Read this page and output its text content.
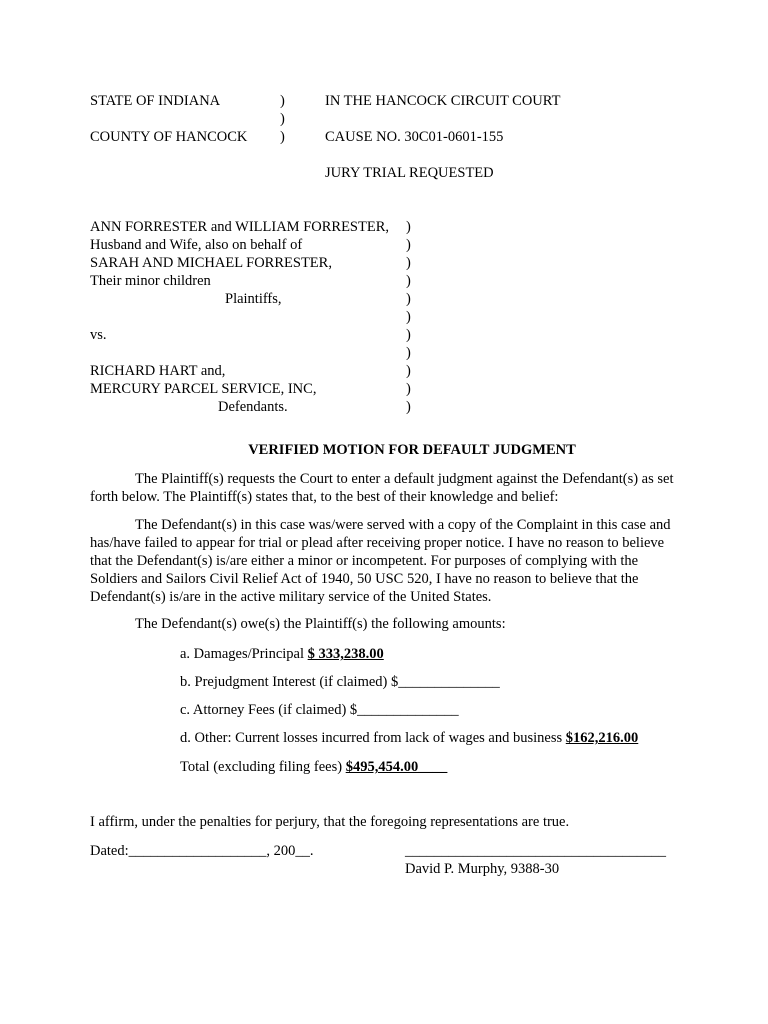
STATE OF INDIANA	)
)
)
COUNTY OF HANCOCK
IN THE HANCOCK CIRCUIT COURT
CAUSE NO. 30C01-0601-155
JURY TRIAL REQUESTED
ANN FORRESTER and WILLIAM FORRESTER,
Husband and Wife, also on behalf of
SARAH AND MICHAEL FORRESTER,
Their minor children
Plaintiffs,
vs.
RICHARD HART and,
MERCURY PARCEL SERVICE, INC,
Defendants.
)
)
)
)
)
)
)
)
)
)
)
VERIFIED MOTION FOR DEFAULT JUDGMENT
The Plaintiff(s) requests the Court to enter a default judgment against the Defendant(s) as set forth below. The Plaintiff(s) states that, to the best of their knowledge and belief:
The Defendant(s) in this case was/were served with a copy of the Complaint in this case and has/have failed to appear for trial or plead after receiving proper notice. I have no reason to believe that the Defendant(s) is/are either a minor or incompetent. For purposes of complying with the Soldiers and Sailors Civil Relief Act of 1940, 50 USC 520, I have no reason to believe that the Defendant(s) is/are in the active military service of the United States.
The Defendant(s) owe(s) the Plaintiff(s) the following amounts:
a. Damages/Principal $ 333,238.00
b. Prejudgment Interest (if claimed) $______________
c. Attorney Fees (if claimed) $______________
d. Other: Current losses incurred from lack of wages and business $162,216.00
Total (excluding filing fees) $495,454.00____
I affirm, under the penalties for perjury, that the foregoing representations are true.
Dated:___________________, 200__.	____________________________________
David P. Murphy, 9388-30
